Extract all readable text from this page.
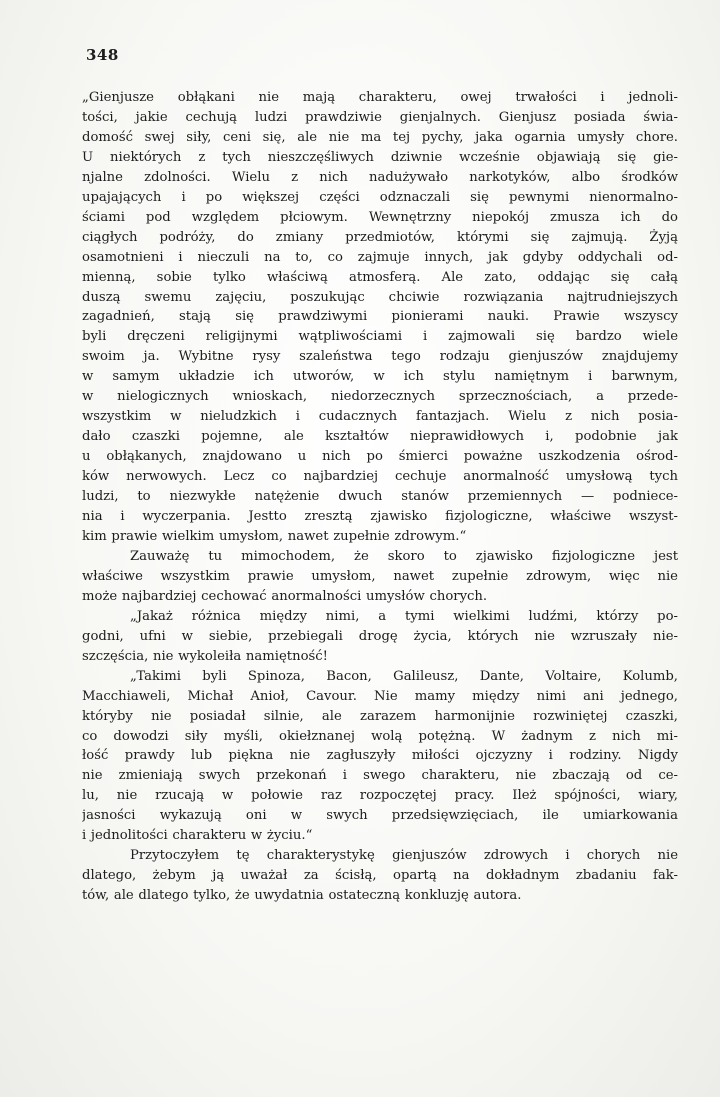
348
„Gienjusze obłąkani nie mają charakteru, owej trwałości i jednoli-
tości, jakie cechują ludzi prawdziwie gienjalnych. Gienjusz posiada świa-
domość swej siły, ceni się, ale nie ma tej pychy, jaka ogarnia umysły chore.
U niektórych z tych nieszczęśliwych dziwnie wcześnie objawiają się gie-
njalne zdolności. Wielu z nich nadużywało narkotyków, albo środków
upajających i po większej części odznaczali się pewnymi nienormalno-
ściami pod względem płciowym. Wewnętrzny niepokój zmusza ich do
ciągłych podróży, do zmiany przedmiotów, którymi się zajmują. Żyją
osamotnieni i nieczuli na to, co zajmuje innych, jak gdyby oddychali od-
mienną, sobie tylko właściwą atmosferą. Ale zato, oddając się całą
duszą swemu zajęciu, poszukując chciwie rozwiązania najtrudniejszych
zagadnień, stają się prawdziwymi pionierami nauki. Prawie wszyscy
byli dręczeni religijnymi wątpliwościami i zajmowali się bardzo wiele
swoim ja. Wybitne rysy szaleństwa tego rodzaju gienjuszów znajdujemy
w samym układzie ich utworów, w ich stylu namiętnym i barwnym,
w nielogicznych wnioskach, niedorzecznych sprzecznościach, a przede-
wszystkim w nieludzkich i cudacznych fantazjach. Wielu z nich posia-
dało czaszki pojemne, ale kształtów nieprawidłowych i, podobnie jak
u obłąkanych, znajdowano u nich po śmierci poważne uszkodzenia ośrod-
ków nerwowych. Lecz co najbardziej cechuje anormalność umysłową tych
ludzi, to niezwykłe natężenie dwuch stanów przemiennych — podniece-
nia i wyczerpania. Jestto zresztą zjawisko fizjologiczne, właściwe wszyst-
kim prawie wielkim umysłom, nawet zupełnie zdrowym.“
Zauważę tu mimochodem, że skoro to zjawisko fizjologiczne jest
właściwe wszystkim prawie umysłom, nawet zupełnie zdrowym, więc nie
może najbardziej cechować anormalności umysłów chorych.
„Jakaż różnica między nimi, a tymi wielkimi ludźmi, którzy po-
godni, ufni w siebie, przebiegali drogę życia, których nie wzruszały nie-
szczęścia, nie wykoleiła namiętność!
„Takimi byli Spinoza, Bacon, Galileusz, Dante, Voltaire, Kolumb,
Macchiaweli, Michał Anioł, Cavour. Nie mamy między nimi ani jednego,
któryby nie posiadał silnie, ale zarazem harmonijnie rozwiniętej czaszki,
co dowodzi siły myśli, okiełznanej wolą potężną. W żadnym z nich mi-
łość prawdy lub piękna nie zagłuszyły miłości ojczyzny i rodziny. Nigdy
nie zmieniają swych przekonań i swego charakteru, nie zbaczają od ce-
lu, nie rzucają w połowie raz rozpoczętej pracy. Ileż spójności, wiary,
jasności wykazują oni w swych przedsięwzięciach, ile umiarkowania
i jednolitości charakteru w życiu.“
Przytoczyłem tę charakterystykę gienjuszów zdrowych i chorych nie
dlatego, żebym ją uważał za ścisłą, opartą na dokładnym zbadaniu fak-
tów, ale dlatego tylko, że uwydatnia ostateczną konkluzję autora.
